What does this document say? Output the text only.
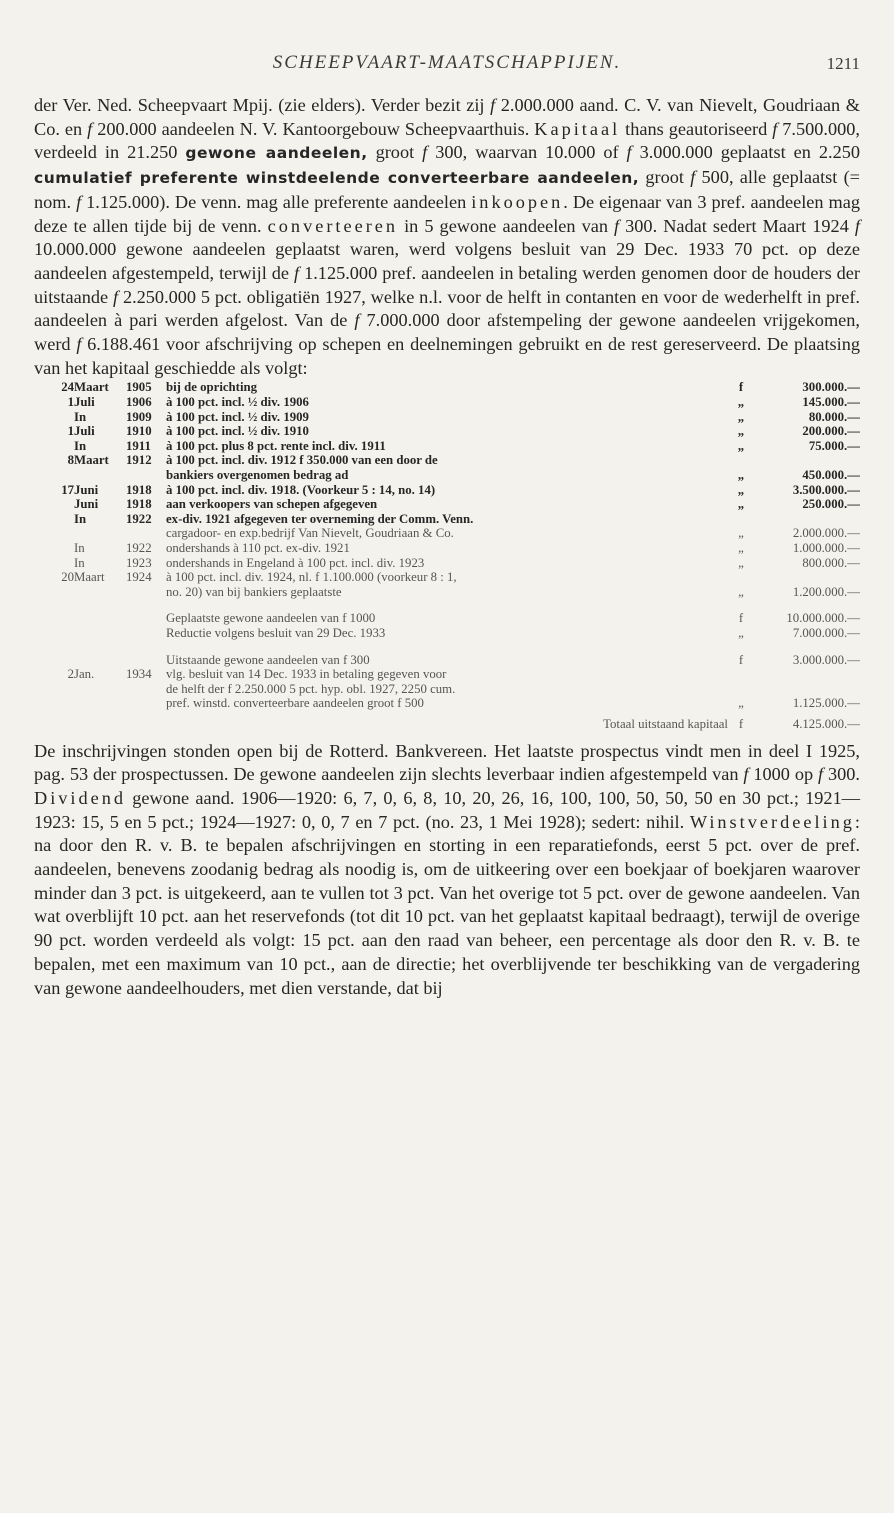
SCHEEPVAART-MAATSCHAPPIJEN.	1211

der Ver. Ned. Scheepvaart Mpij. (zie elders). Verder bezit zij f 2.000.000 aand. C. V. van Nievelt, Goudriaan & Co. en f 200.000 aandeelen N. V. Kantoorgebouw Scheepvaarthuis. Kapitaal thans geautoriseerd f 7.500.000, verdeeld in 21.250 gewone aandeelen, groot f 300, waarvan 10.000 of f 3.000.000 geplaatst en 2.250 cumulatief preferente winstdeelende converteerbare aandeelen, groot f 500, alle geplaatst (= nom. f 1.125.000). De venn. mag alle preferente aandeelen inkoopen. De eigenaar van 3 pref. aandeelen mag deze te allen tijde bij de venn. converteeren in 5 gewone aandeelen van f 300. Nadat sedert Maart 1924 f 10.000.000 gewone aandeelen geplaatst waren, werd volgens besluit van 29 Dec. 1933 70 pct. op deze aandeelen afgestempeld, terwijl de f 1.125.000 pref. aandeelen in betaling werden genomen door de houders der uitstaande f 2.250.000 5 pct. obligatiën 1927, welke n.l. voor de helft in contanten en voor de wederhelft in pref. aandeelen à pari werden afgelost. Van de f 7.000.000 door afstempeling der gewone aandeelen vrijgekomen, werd f 6.188.461 voor afschrijving op schepen en deelnemingen gebruikt en de rest gereserveerd. De plaatsing van het kapitaal geschiedde als volgt:

24	Maart	1905	bij de oprichting	f	300.000.—
1	Juli	1906	à 100 pct. incl. ½ div. 1906	„	145.000.—
	In	1909	à 100 pct. incl. ½ div. 1909	„	80.000.—
1	Juli	1910	à 100 pct. incl. ½ div. 1910	„	200.000.—
	In	1911	à 100 pct. plus 8 pct. rente incl. div. 1911	„	75.000.—
8	Maart	1912	à 100 pct. incl. div. 1912 f 350.000 van een door de		
			bankiers overgenomen bedrag ad	„	450.000.—
17	Juni	1918	à 100 pct. incl. div. 1918. (Voorkeur 5 : 14, no. 14)	„	3.500.000.—
	Juni	1918	aan verkoopers van schepen afgegeven	„	250.000.—
	In	1922	ex-div. 1921 afgegeven ter overneming der Comm. Venn.		
			cargadoor- en exp.bedrijf Van Nievelt, Goudriaan & Co.	„	2.000.000.—
	In	1922	ondershands à 110 pct. ex-div. 1921	„	1.000.000.—
	In	1923	ondershands in Engeland à 100 pct. incl. div. 1923	„	800.000.—
20	Maart	1924	à 100 pct. incl. div. 1924, nl. f 1.100.000 (voorkeur 8 : 1,		
			no. 20) van bij bankiers geplaatste	„	1.200.000.—

			Geplaatste gewone aandeelen van f 1000	f	10.000.000.—
			Reductie volgens besluit van 29 Dec. 1933	„	7.000.000.—

			Uitstaande gewone aandeelen van f 300	f	3.000.000.—
2	Jan.	1934	vlg. besluit van 14 Dec. 1933 in betaling gegeven voor		
			de helft der f 2.250.000 5 pct. hyp. obl. 1927, 2250 cum.		
			pref. winstd. converteerbare aandeelen groot f 500	„	1.125.000.—
			Totaal uitstaand kapitaal	f	4.125.000.—

De inschrijvingen stonden open bij de Rotterd. Bankvereen. Het laatste prospectus vindt men in deel I 1925, pag. 53 der prospectussen. De gewone aandeelen zijn slechts leverbaar indien afgestempeld van f 1000 op f 300. Dividend gewone aand. 1906—1920: 6, 7, 0, 6, 8, 10, 20, 26, 16, 100, 100, 50, 50, 50 en 30 pct.; 1921—1923: 15, 5 en 5 pct.; 1924—1927: 0, 0, 7 en 7 pct. (no. 23, 1 Mei 1928); sedert: nihil. Winstverdeeling: na door den R. v. B. te bepalen afschrijvingen en storting in een reparatiefonds, eerst 5 pct. over de pref. aandeelen, benevens zoodanig bedrag als noodig is, om de uitkeering over een boekjaar of boekjaren waarover minder dan 3 pct. is uitgekeerd, aan te vullen tot 3 pct. Van het overige tot 5 pct. over de gewone aandeelen. Van wat overblijft 10 pct. aan het reservefonds (tot dit 10 pct. van het geplaatst kapitaal bedraagt), terwijl de overige 90 pct. worden verdeeld als volgt: 15 pct. aan den raad van beheer, een percentage als door den R. v. B. te bepalen, met een maximum van 10 pct., aan de directie; het overblijvende ter beschikking van de vergadering van gewone aandeelhouders, met dien verstande, dat bij
